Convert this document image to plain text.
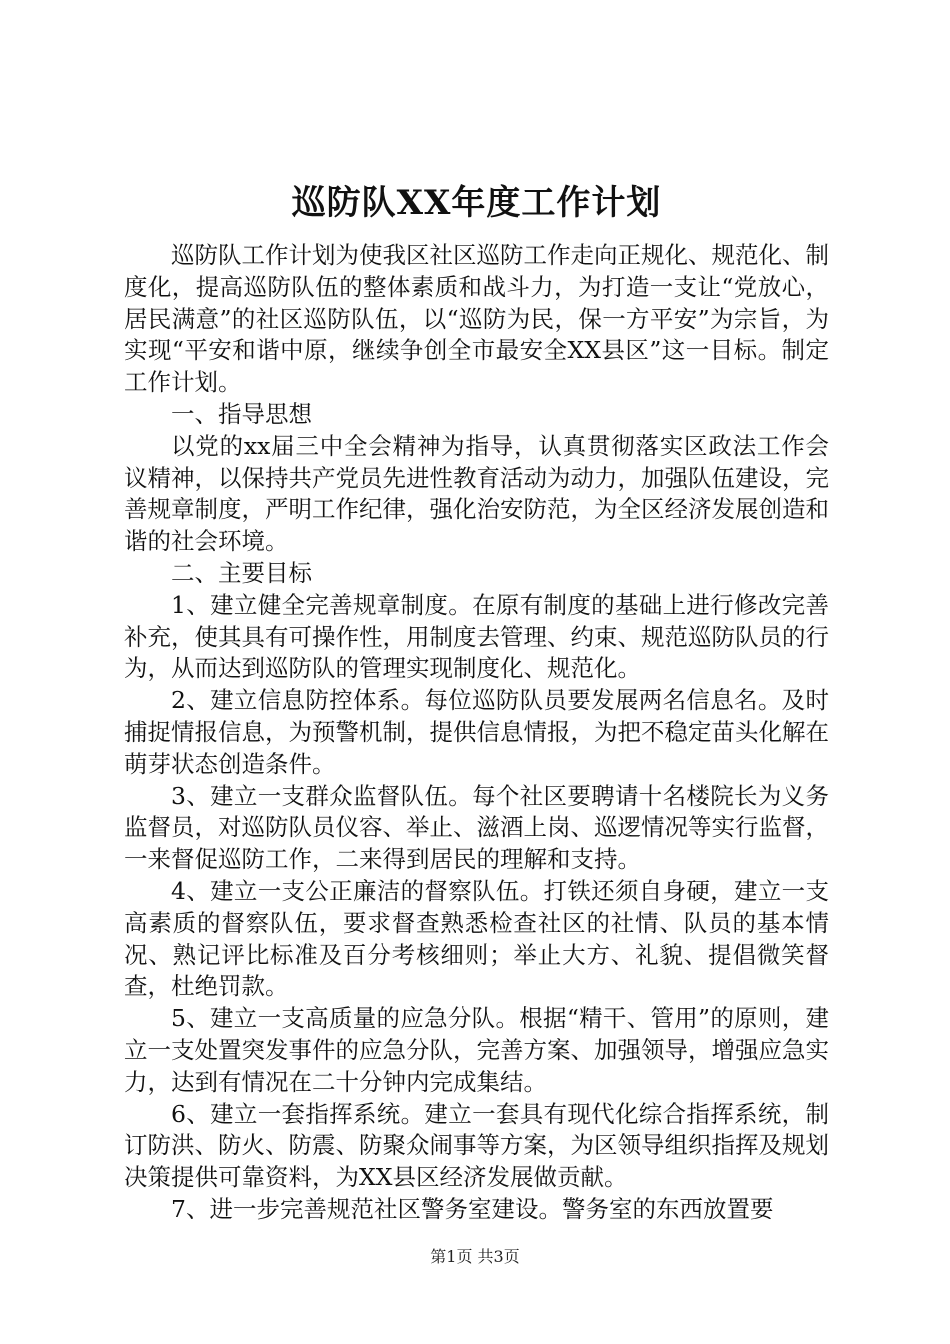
巡防队XX年度工作计划

巡防队工作计划为使我区社区巡防工作走向正规化、规范化、制度化，提高巡防队伍的整体素质和战斗力，为打造一支让“党放心，居民满意”的社区巡防队伍，以“巡防为民，保一方平安”为宗旨，为实现“平安和谐中原，继续争创全市最安全XX县区”这一目标。制定工作计划。

一、指导思想

以党的xx届三中全会精神为指导，认真贯彻落实区政法工作会议精神，以保持共产党员先进性教育活动为动力，加强队伍建设，完善规章制度，严明工作纪律，强化治安防范，为全区经济发展创造和谐的社会环境。

二、主要目标

1、建立健全完善规章制度。在原有制度的基础上进行修改完善补充，使其具有可操作性，用制度去管理、约束、规范巡防队员的行为，从而达到巡防队的管理实现制度化、规范化。

2、建立信息防控体系。每位巡防队员要发展两名信息名。及时捕捉情报信息，为预警机制，提供信息情报，为把不稳定苗头化解在萌芽状态创造条件。

3、建立一支群众监督队伍。每个社区要聘请十名楼院长为义务监督员，对巡防队员仪容、举止、滋酒上岗、巡逻情况等实行监督，一来督促巡防工作，二来得到居民的理解和支持。

4、建立一支公正廉洁的督察队伍。打铁还须自身硬，建立一支高素质的督察队伍，要求督查熟悉检查社区的社情、队员的基本情况、熟记评比标准及百分考核细则；举止大方、礼貌、提倡微笑督查，杜绝罚款。

5、建立一支高质量的应急分队。根据“精干、管用”的原则，建立一支处置突发事件的应急分队，完善方案、加强领导，增强应急实力，达到有情况在二十分钟内完成集结。

6、建立一套指挥系统。建立一套具有现代化综合指挥系统，制订防洪、防火、防震、防聚众闹事等方案，为区领导组织指挥及规划决策提供可靠资料，为XX县区经济发展做贡献。

7、进一步完善规范社区警务室建设。警务室的东西放置要

第1页 共3页
